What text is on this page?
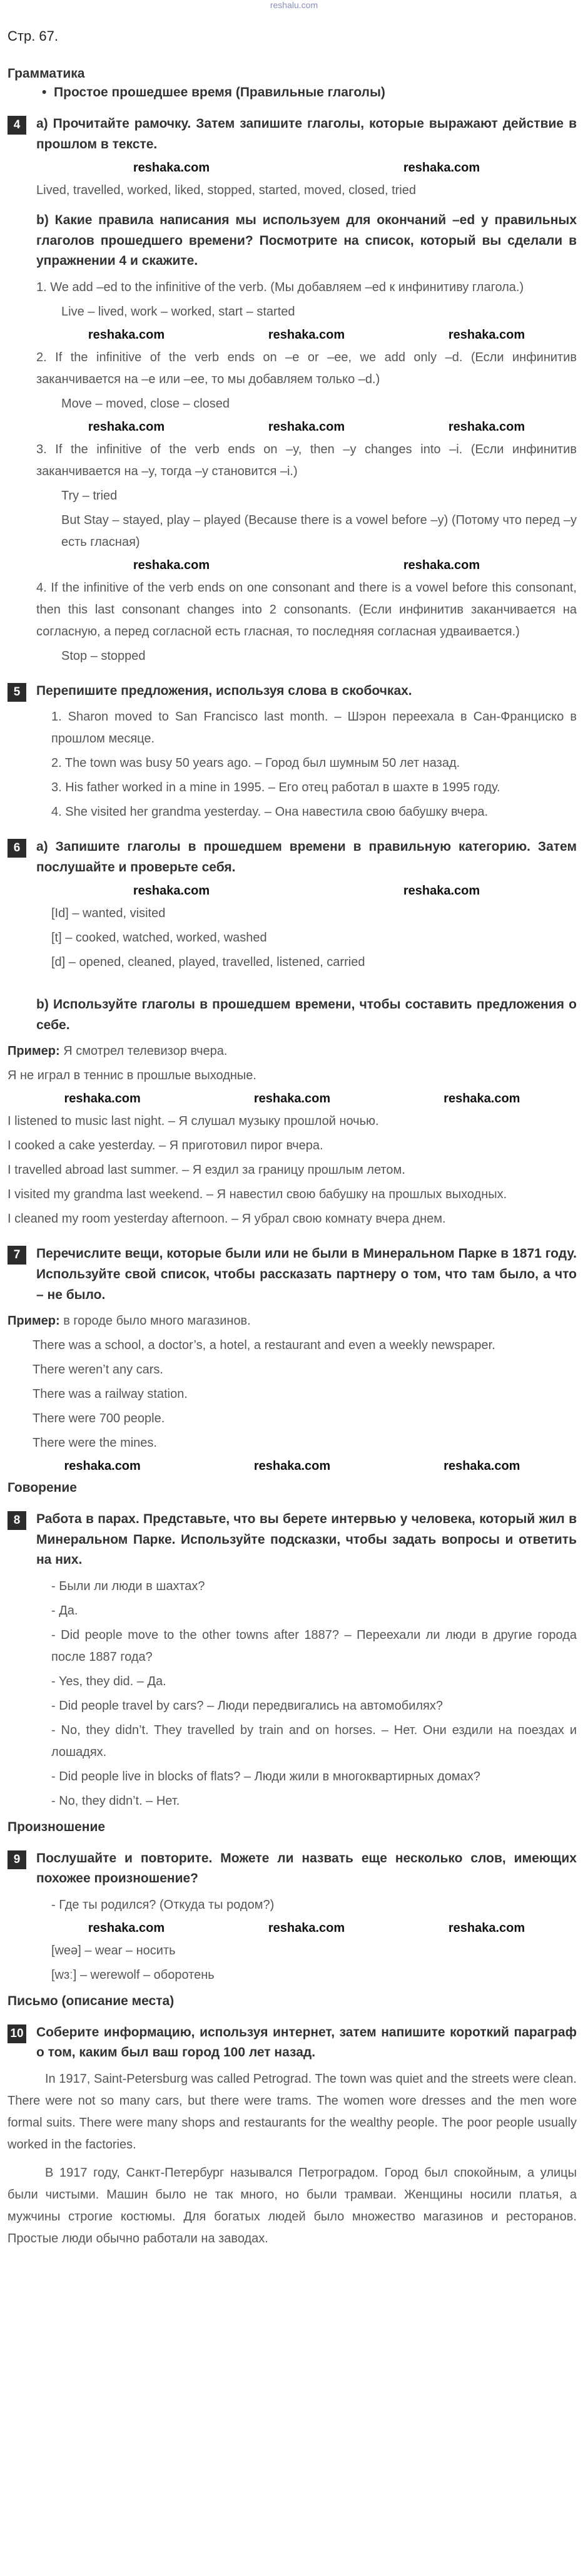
reshalu.com
Стр. 67.
Грамматика
•  Простое прошедшее время (Правильные глаголы)
4	a) Прочитайте рамочку. Затем запишите глаголы, которые выражают действие в прошлом в тексте.

reshaka.com	reshaka.com

Lived, travelled, worked, liked, stopped, started, moved, closed, tried

b) Какие правила написания мы используем для окончаний –ed у правильных глаголов прошедшего времени? Посмотрите на список, который вы сделали в упражнении 4 и скажите.

1. We add –ed to the infinitive of the verb. (Мы добавляем –ed к инфинитиву глагола.)

Live – lived, work – worked, start – started

reshaka.com	reshaka.com	reshaka.com

2. If the infinitive of the verb ends on –e or –ee, we add only –d. (Если инфинитив заканчивается на –e или –ee, то мы добавляем только –d.)

Move – moved, close – closed

reshaka.com	reshaka.com	reshaka.com

3. If the infinitive of the verb ends on –y, then –y changes into –i. (Если инфинитив заканчивается на –y, тогда –y становится –i.)

Try – tried

But Stay – stayed, play – played (Because there is a vowel before –y) (Потому что перед –y есть гласная)

reshaka.com	reshaka.com

4. If the infinitive of the verb ends on one consonant and there is a vowel before this consonant, then this last consonant changes into 2 consonants. (Если инфинитив заканчивается на согласную, а перед согласной есть гласная, то последняя согласная удваивается.)

Stop – stopped

5	Перепишите предложения, используя слова в скобочках.

1. Sharon moved to San Francisco last month. – Шэрон переехала в Сан-Франциско в прошлом месяце.

2. The town was busy 50 years ago. – Город был шумным 50 лет назад.

3. His father worked in a mine in 1995. – Его отец работал в шахте в 1995 году.

4. She visited her grandma yesterday. – Она навестила свою бабушку вчера.

6	a) Запишите глаголы в прошедшем времени в правильную категорию. Затем послушайте и проверьте себя.

reshaka.com	reshaka.com

[Id] – wanted, visited

[t] – cooked, watched, worked, washed

[d] – opened, cleaned, played, travelled, listened, carried

b) Используйте глаголы в прошедшем времени, чтобы составить предложения о себе.

Пример: Я смотрел телевизор вчера.

Я не играл в теннис в прошлые выходные.

reshaka.com	reshaka.com	reshaka.com

I listened to music last night. – Я слушал музыку прошлой ночью.

I cooked a cake yesterday. – Я приготовил пирог вчера.

I travelled abroad last summer. – Я ездил за границу прошлым летом.

I visited my grandma last weekend. – Я навестил свою бабушку на прошлых выходных.

I cleaned my room yesterday afternoon. – Я убрал свою комнату вчера днем.

7	Перечислите вещи, которые были или не были в Минеральном Парке в 1871 году. Используйте свой список, чтобы рассказать партнеру о том, что там было, а что – не было.

Пример: в городе было много магазинов.

There was a school, a doctor’s, a hotel, a restaurant and even a weekly newspaper.

There weren’t any cars.

There was a railway station.

There were 700 people.

There were the mines.

reshaka.com	reshaka.com	reshaka.com
Говорение
8	Работа в парах. Представьте, что вы берете интервью у человека, который жил в Минеральном Парке. Используйте подсказки, чтобы задать вопросы и ответить на них.

- Были ли люди в шахтах?

- Да.

- Did people move to the other towns after 1887? – Переехали ли люди в другие города после 1887 года?

- Yes, they did. – Да.

- Did people travel by cars? – Люди передвигались на автомобилях?

- No, they didn’t. They travelled by train and on horses. – Нет. Они ездили на поездах и лошадях.

- Did people live in blocks of flats? – Люди жили в многоквартирных домах?

- No, they didn’t. – Нет.

Произношение
9	Послушайте и повторите. Можете ли назвать еще несколько слов, имеющих похожее произношение?

- Где ты родился? (Откуда ты родом?)

reshaka.com	reshaka.com	reshaka.com

[weə] – wear – носить

[wɜː] – werewolf – оборотень

Письмо (описание места)
10 Соберите информацию, используя интернет, затем напишите короткий параграф о том, каким был ваш город 100 лет назад.

In 1917, Saint-Petersburg was called Petrograd. The town was quiet and the streets were clean. There were not so many cars, but there were trams. The women wore dresses and the men wore formal suits. There were many shops and restaurants for the wealthy people. The poor people usually worked in the factories.

В 1917 году, Санкт-Петербург назывался Петроградом. Город был спокойным, а улицы были чистыми. Машин было не так много, но были трамваи. Женщины носили платья, а мужчины строгие костюмы. Для богатых людей было множество магазинов и ресторанов. Простые люди обычно работали на заводах.
